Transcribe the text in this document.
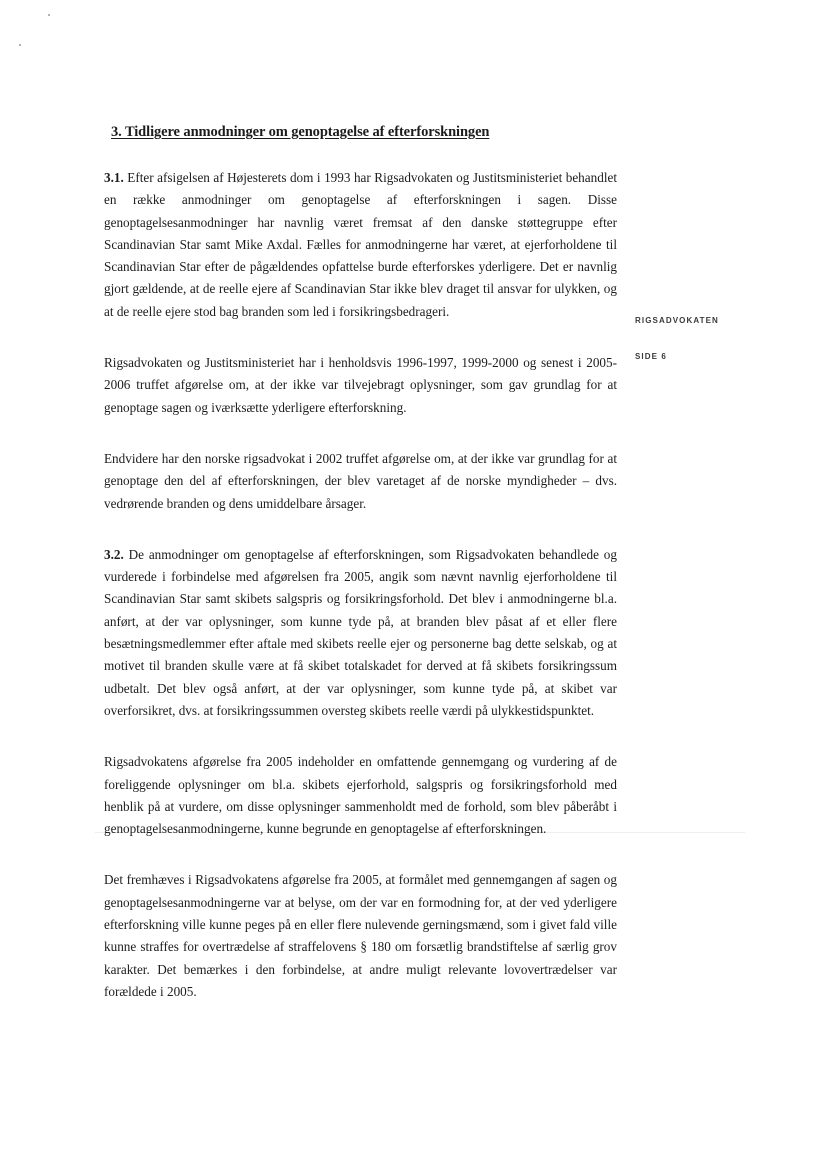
3. Tidligere anmodninger om genoptagelse af efterforskningen
RIGSADVOKATEN
SIDE 6

3.1. Efter afsigelsen af Højesterets dom i 1993 har Rigsadvokaten og Justitsministeriet behandlet en række anmodninger om genoptagelse af efterforskningen i sagen. Disse genoptagelsesanmodninger har navnlig været fremsat af den danske støttegruppe efter Scandinavian Star samt Mike Axdal. Fælles for anmodningerne har været, at ejerforholdene til Scandinavian Star efter de pågældendes opfattelse burde efterforskes yderligere. Det er navnlig gjort gældende, at de reelle ejere af Scandinavian Star ikke blev draget til ansvar for ulykken, og at de reelle ejere stod bag branden som led i forsikringsbedrageri.

Rigsadvokaten og Justitsministeriet har i henholdsvis 1996-1997, 1999-2000 og senest i 2005-2006 truffet afgørelse om, at der ikke var tilvejebragt oplysninger, som gav grundlag for at genoptage sagen og iværksætte yderligere efterforskning.

Endvidere har den norske rigsadvokat i 2002 truffet afgørelse om, at der ikke var grundlag for at genoptage den del af efterforskningen, der blev varetaget af de norske myndigheder – dvs. vedrørende branden og dens umiddelbare årsager.

3.2. De anmodninger om genoptagelse af efterforskningen, som Rigsadvokaten behandlede og vurderede i forbindelse med afgørelsen fra 2005, angik som nævnt navnlig ejerforholdene til Scandinavian Star samt skibets salgspris og forsikringsforhold. Det blev i anmodningerne bl.a. anført, at der var oplysninger, som kunne tyde på, at branden blev påsat af et eller flere besætningsmedlemmer efter aftale med skibets reelle ejer og personerne bag dette selskab, og at motivet til branden skulle være at få skibet totalskadet for derved at få skibets forsikringssum udbetalt. Det blev også anført, at der var oplysninger, som kunne tyde på, at skibet var overforsikret, dvs. at forsikringssummen oversteg skibets reelle værdi på ulykkestidspunktet.

Rigsadvokatens afgørelse fra 2005 indeholder en omfattende gennemgang og vurdering af de foreliggende oplysninger om bl.a. skibets ejerforhold, salgspris og forsikringsforhold med henblik på at vurdere, om disse oplysninger sammenholdt med de forhold, som blev påberåbt i genoptagelsesanmodningerne, kunne begrunde en genoptagelse af efterforskningen.

Det fremhæves i Rigsadvokatens afgørelse fra 2005, at formålet med gennemgangen af sagen og genoptagelsesanmodningerne var at belyse, om der var en formodning for, at der ved yderligere efterforskning ville kunne peges på en eller flere nulevende gerningsmænd, som i givet fald ville kunne straffes for overtrædelse af straffelovens § 180 om forsætlig brandstiftelse af særlig grov karakter. Det bemærkes i den forbindelse, at andre muligt relevante lovovertrædelser var forældede i 2005.
